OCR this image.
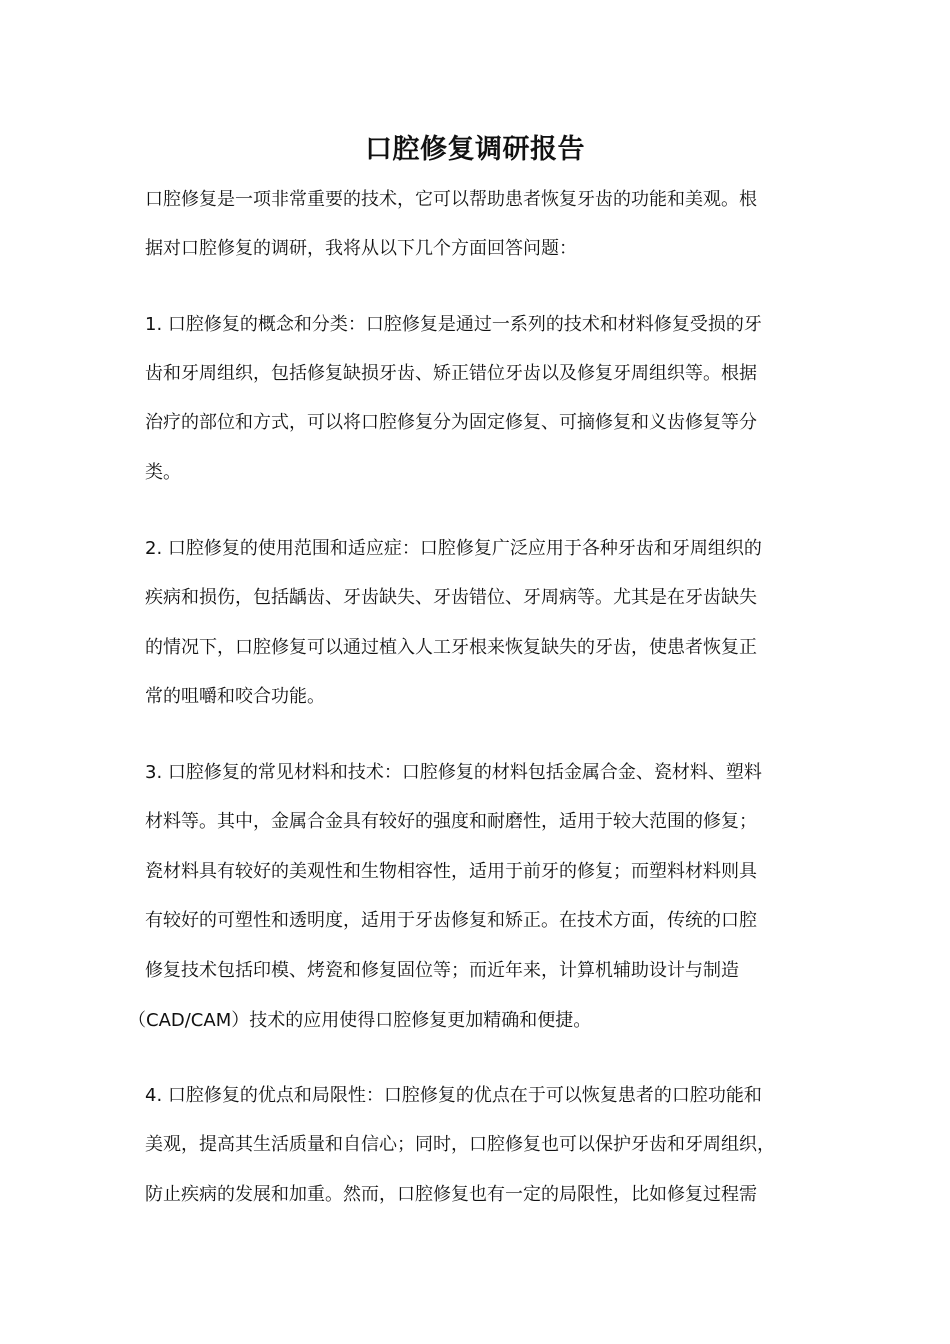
口腔修复调研报告
口腔修复是一项非常重要的技术，它可以帮助患者恢复牙齿的功能和美观。根
据对口腔修复的调研，我将从以下几个方面回答问题：
1. 口腔修复的概念和分类：口腔修复是通过一系列的技术和材料修复受损的牙
齿和牙周组织，包括修复缺损牙齿、矫正错位牙齿以及修复牙周组织等。根据
治疗的部位和方式，可以将口腔修复分为固定修复、可摘修复和义齿修复等分
类。
2. 口腔修复的使用范围和适应症：口腔修复广泛应用于各种牙齿和牙周组织的
疾病和损伤，包括龋齿、牙齿缺失、牙齿错位、牙周病等。尤其是在牙齿缺失
的情况下，口腔修复可以通过植入人工牙根来恢复缺失的牙齿，使患者恢复正
常的咀嚼和咬合功能。
3. 口腔修复的常见材料和技术：口腔修复的材料包括金属合金、瓷材料、塑料
材料等。其中，金属合金具有较好的强度和耐磨性，适用于较大范围的修复；
瓷材料具有较好的美观性和生物相容性，适用于前牙的修复；而塑料材料则具
有较好的可塑性和透明度，适用于牙齿修复和矫正。在技术方面，传统的口腔
修复技术包括印模、烤瓷和修复固位等；而近年来，计算机辅助设计与制造
（CAD/CAM）技术的应用使得口腔修复更加精确和便捷。
4. 口腔修复的优点和局限性：口腔修复的优点在于可以恢复患者的口腔功能和
美观，提高其生活质量和自信心；同时，口腔修复也可以保护牙齿和牙周组织，
防止疾病的发展和加重。然而，口腔修复也有一定的局限性，比如修复过程需
